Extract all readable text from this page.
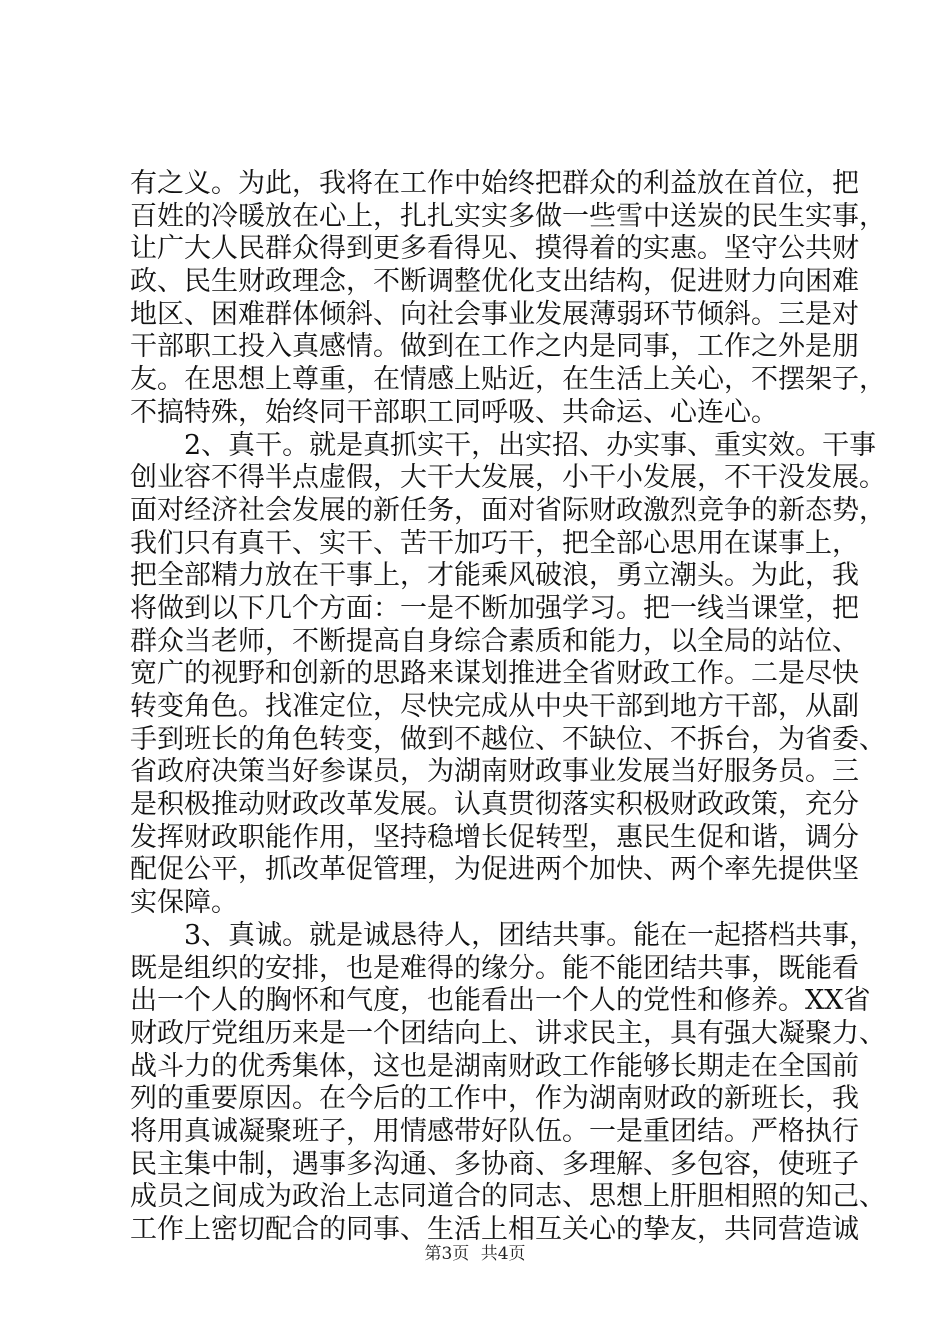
有之义。为此，我将在工作中始终把群众的利益放在首位，把
百姓的冷暖放在心上，扎扎实实多做一些雪中送炭的民生实事，
让广大人民群众得到更多看得见、摸得着的实惠。坚守公共财
政、民生财政理念，不断调整优化支出结构，促进财力向困难
地区、困难群体倾斜、向社会事业发展薄弱环节倾斜。三是对
干部职工投入真感情。做到在工作之内是同事，工作之外是朋
友。在思想上尊重，在情感上贴近，在生活上关心，不摆架子，
不搞特殊，始终同干部职工同呼吸、共命运、心连心。
2、真干。就是真抓实干，出实招、办实事、重实效。干事
创业容不得半点虚假，大干大发展，小干小发展，不干没发展。
面对经济社会发展的新任务，面对省际财政激烈竞争的新态势，
我们只有真干、实干、苦干加巧干，把全部心思用在谋事上，
把全部精力放在干事上，才能乘风破浪，勇立潮头。为此，我
将做到以下几个方面：一是不断加强学习。把一线当课堂，把
群众当老师，不断提高自身综合素质和能力，以全局的站位、
宽广的视野和创新的思路来谋划推进全省财政工作。二是尽快
转变角色。找准定位，尽快完成从中央干部到地方干部，从副
手到班长的角色转变，做到不越位、不缺位、不拆台，为省委、
省政府决策当好参谋员，为湖南财政事业发展当好服务员。三
是积极推动财政改革发展。认真贯彻落实积极财政政策，充分
发挥财政职能作用，坚持稳增长促转型，惠民生促和谐，调分
配促公平，抓改革促管理，为促进两个加快、两个率先提供坚
实保障。
3、真诚。就是诚恳待人，团结共事。能在一起搭档共事，
既是组织的安排，也是难得的缘分。能不能团结共事，既能看
出一个人的胸怀和气度，也能看出一个人的党性和修养。XX省
财政厅党组历来是一个团结向上、讲求民主，具有强大凝聚力、
战斗力的优秀集体，这也是湖南财政工作能够长期走在全国前
列的重要原因。在今后的工作中，作为湖南财政的新班长，我
将用真诚凝聚班子，用情感带好队伍。一是重团结。严格执行
民主集中制，遇事多沟通、多协商、多理解、多包容，使班子
成员之间成为政治上志同道合的同志、思想上肝胆相照的知己、
工作上密切配合的同事、生活上相互关心的挚友，共同营造诚
第3页 共4页
